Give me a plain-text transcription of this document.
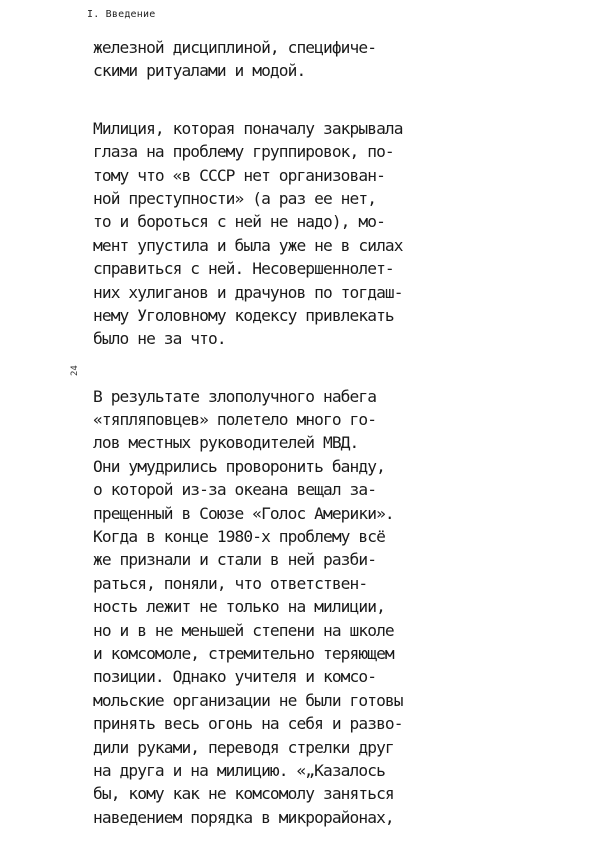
I. Введение
24
железной дисциплиной, специфиче-
скими ритуалами и модой.
Милиция, которая поначалу закрывала
глаза на проблему группировок, по-
тому что «в СССР нет организован-
ной преступности» (а раз ее нет,
то и бороться с ней не надо), мо-
мент упустила и была уже не в силах
справиться с ней. Несовершеннолет-
них хулиганов и драчунов по тогдаш-
нему Уголовному кодексу привлекать
было не за что.
В результате злополучного набега
«тяпляповцев» полетело много го-
лов местных руководителей МВД.
Они умудрились проворонить банду,
о которой из-за океана вещал за-
прещенный в Союзе «Голос Америки».
Когда в конце 1980-х проблему всё
же признали и стали в ней разби-
раться, поняли, что ответствен-
ность лежит не только на милиции,
но и в не меньшей степени на школе
и комсомоле, стремительно теряющем
позиции. Однако учителя и комсо-
мольские организации не были готовы
принять весь огонь на себя и разво-
дили руками, переводя стрелки друг
на друга и на милицию. «„Казалось
бы, кому как не комсомолу заняться
наведением порядка в микрорайонах,
